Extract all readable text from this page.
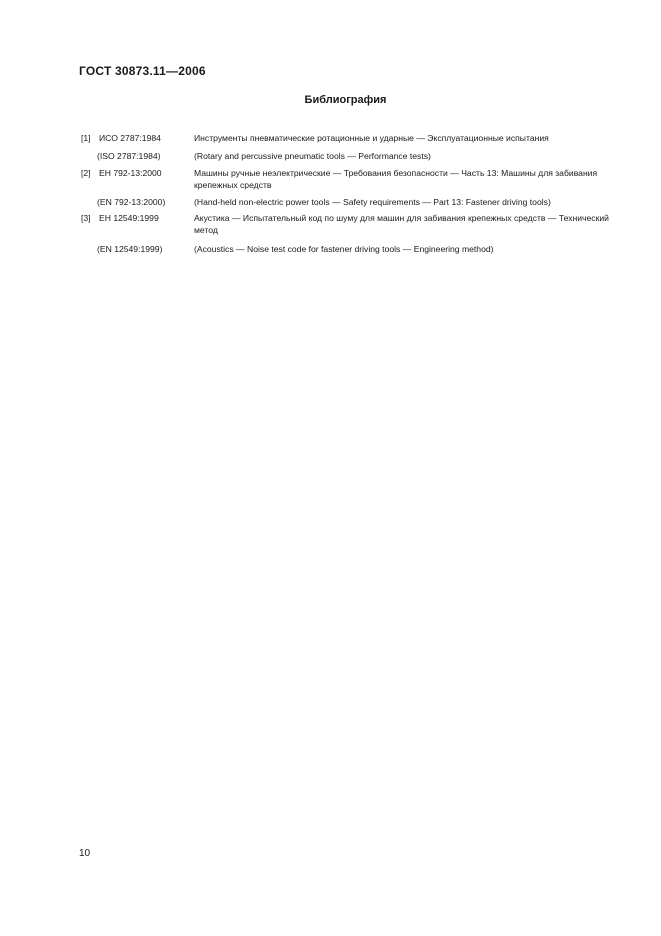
ГОСТ 30873.11—2006
Библиография
[1] ИСО 2787:1984	Инструменты пневматические ротационные и ударные — Эксплуатационные испытания
(ISO 2787:1984)	(Rotary and percussive pneumatic tools — Performance tests)
[2] ЕН 792-13:2000	Машины ручные неэлектрические — Требования безопасности — Часть 13: Машины для забивания крепежных средств
(EN 792-13:2000)	(Hand-held non-electric power tools — Safety requirements — Part 13: Fastener driving tools)
[3] ЕН 12549:1999	Акустика — Испытательный код по шуму для машин для забивания крепежных средств — Технический метод
(EN 12549:1999)	(Acoustics — Noise test code for fastener driving tools — Engineering method)
10
